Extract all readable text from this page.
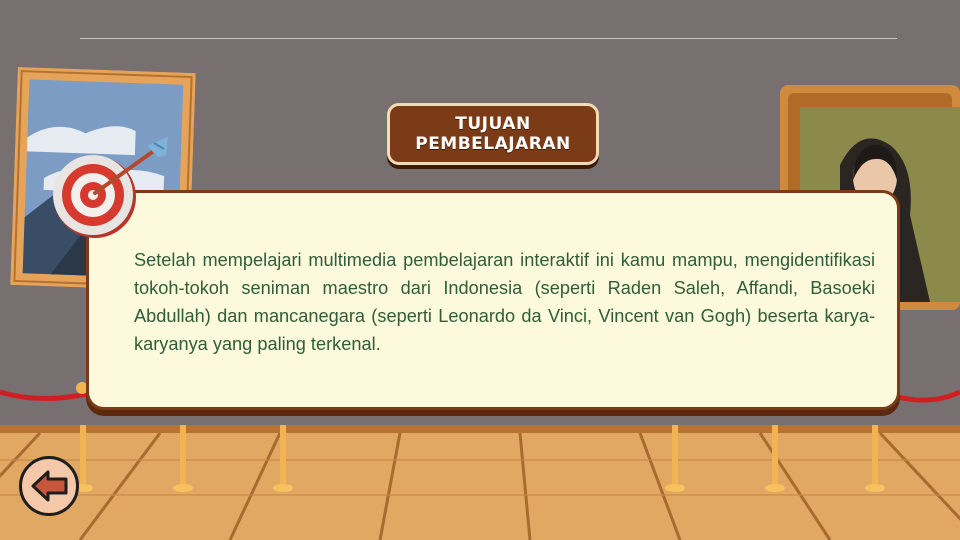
TUJUAN
PEMBELAJARAN
Setelah mempelajari multimedia pembelajaran interaktif ini kamu mampu, mengidentifikasi tokoh-tokoh seniman maestro dari Indonesia (seperti Raden Saleh, Affandi, Basoeki Abdullah) dan mancanegara (seperti Leonardo da Vinci, Vincent van Gogh) beserta karya-karyanya yang paling terkenal.
